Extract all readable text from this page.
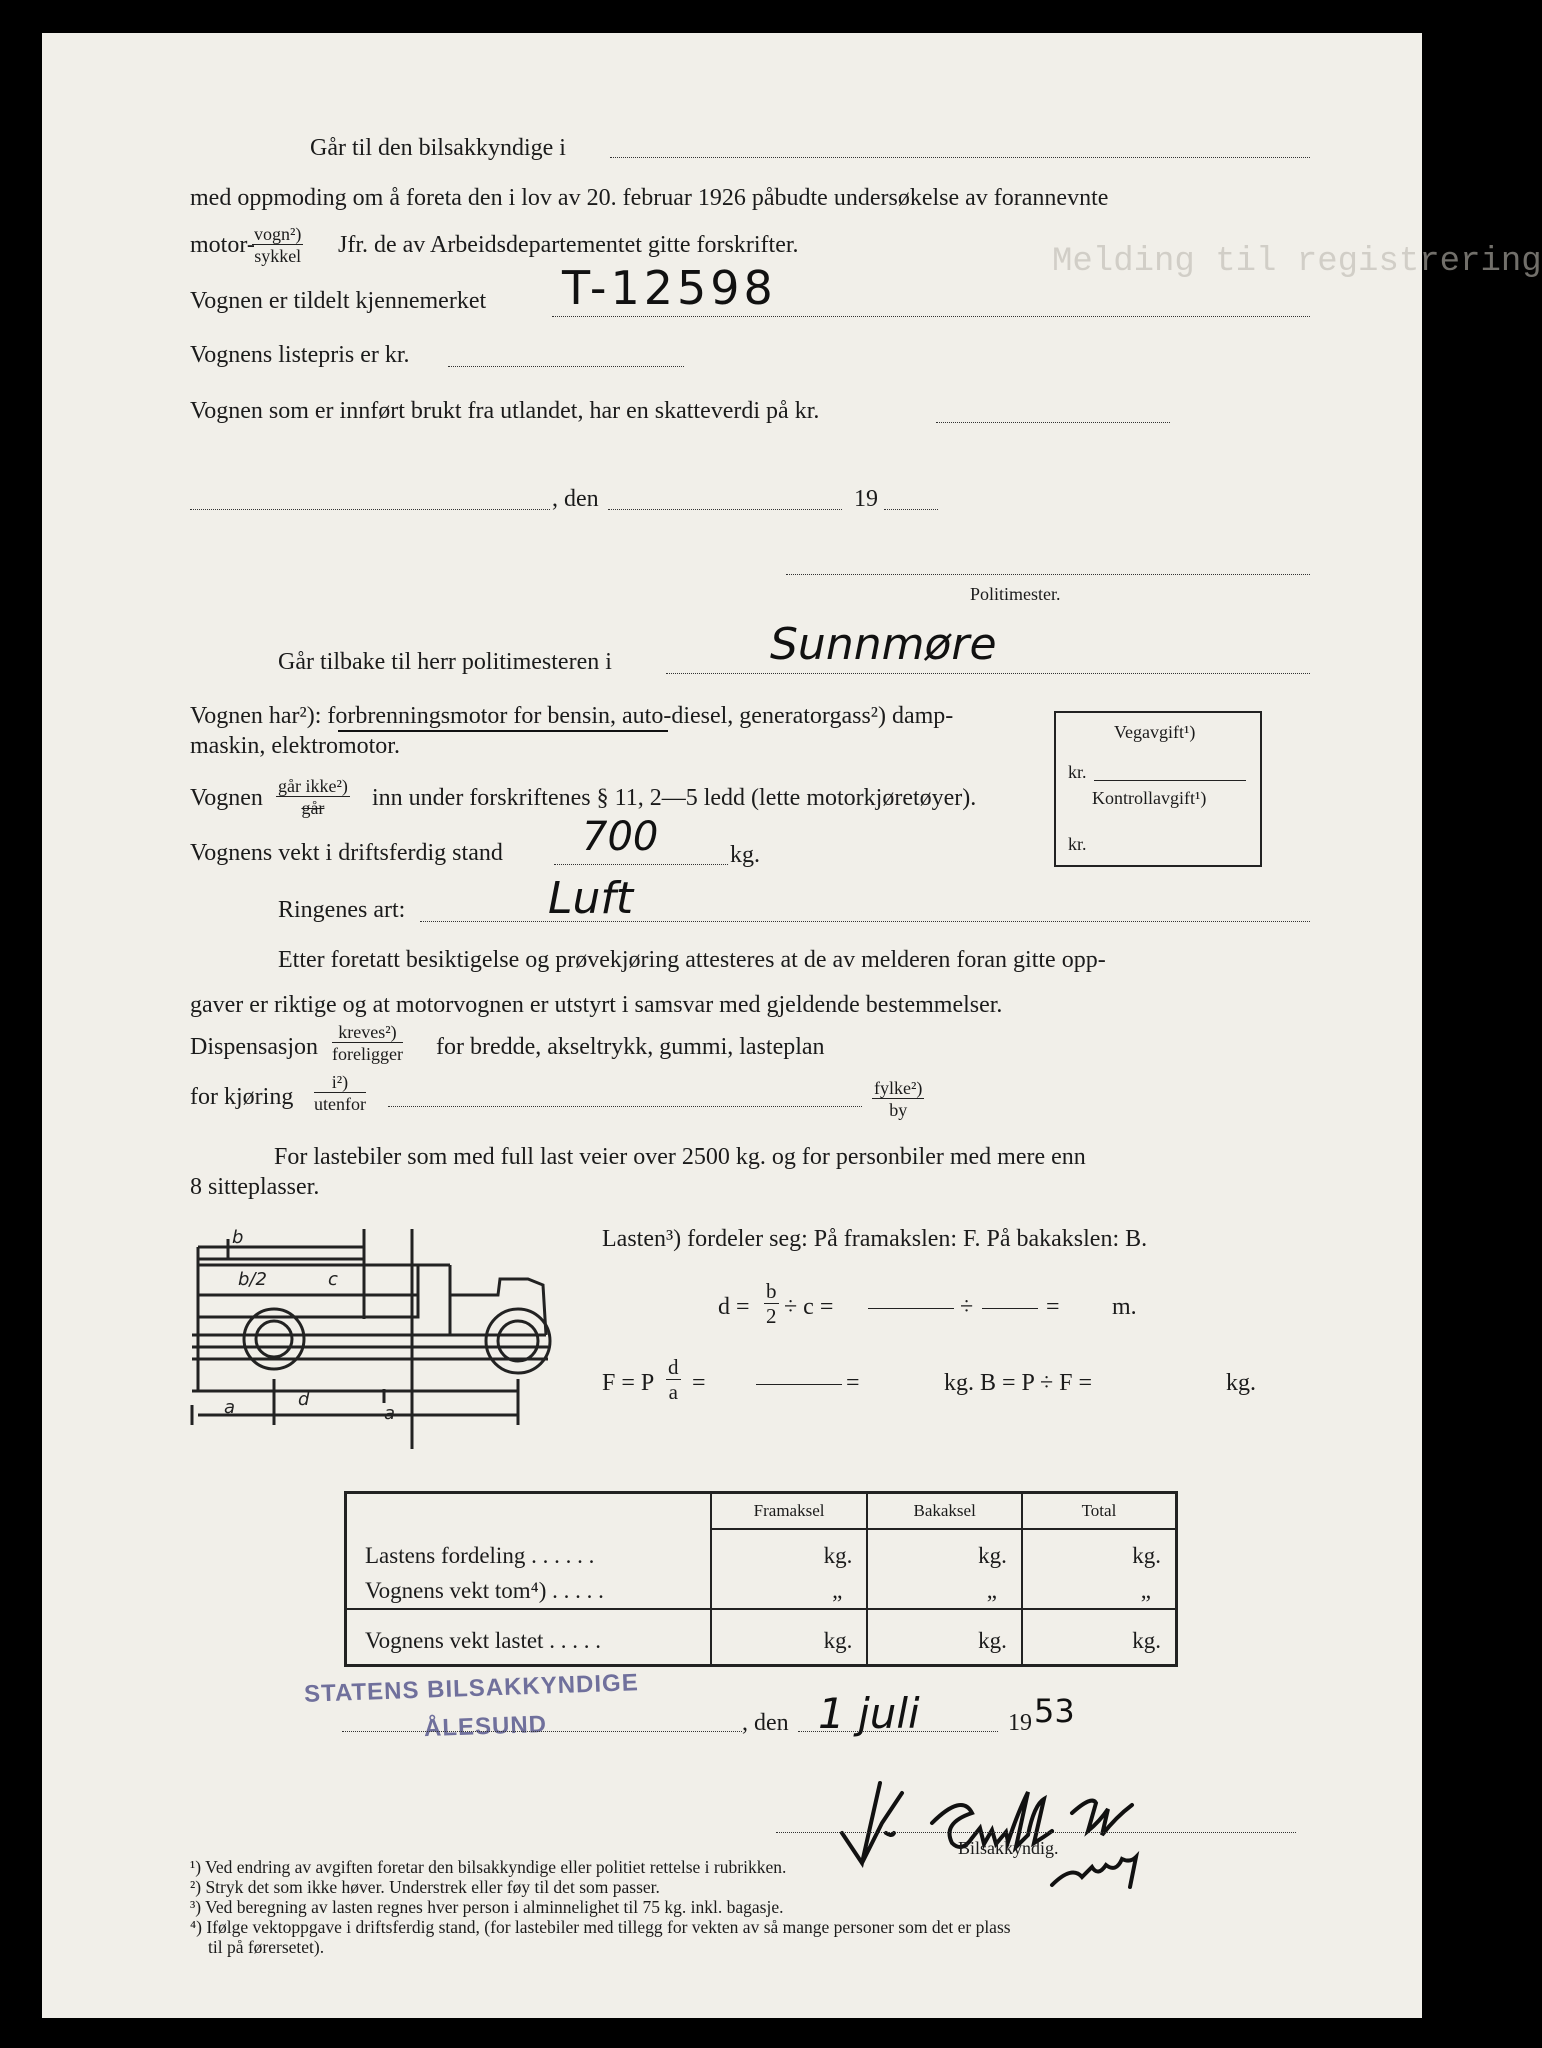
Melding til registrering
Går til den bilsakkyndige i
med oppmoding om å foreta den i lov av 20. februar 1926 påbudte undersøkelse av forannevnte
motor- vogn²)
sykkel Jfr. de av Arbeidsdepartementet gitte forskrifter.
Vognen er tildelt kjennemerket T-12598
Vognens listepris er kr.
Vognen som er innført brukt fra utlandet, har en skatteverdi på kr.
, den	19
Politimester.
Går tilbake til herr politimesteren i	Sunnmøre
Vognen har²): forbrenningsmotor for bensin, auto-diesel, generatorgass²) damp-
maskin, elektromotor.
Vognen går ikke²)
går	inn under forskriftenes § 11, 2—5 ledd (lette motorkjøretøyer).
Vognens vekt i driftsferdig stand 700	kg.
Ringenes art:	Luft
Vegavgift¹)
kr.
Kontrollavgift¹)
kr.
Etter foretatt besiktigelse og prøvekjøring attesteres at de av melderen foran gitte opp-
gaver er riktige og at motorvognen er utstyrt i samsvar med gjeldende bestemmelser.
Dispensasjon
kreves²)
foreligger for bredde, akseltrykk, gummi, lasteplan
for kjøring
i²)
utenfor
fylke²)
by
For lastebiler som med full last veier over 2500 kg. og for personbiler med mere enn
8 sitteplasser.
b
b/2	c
a	d
a
Lasten³) fordeler seg: På framakslen: F. På bakakslen: B.
$d = \frac{b}{2} \div c$ =	÷	= m.
F = P $\frac{d}{a}$ =	=	kg. B = P ÷ F =	kg.
	Framaksel	Bakaksel	Total
Lastens fordeling . . . . . .	kg.	kg.	kg.
Vognens vekt tom⁴) . . . . .	„	„	„
Vognens vekt lastet . . . . .	kg.	kg.	kg.
STATENS BILSAKKYNDIGE
ÅLESUND	, den 1 juli	19 53
Bilsakkyndig.
¹) Ved endring av avgiften foretar den bilsakkyndige eller politiet rettelse i rubrikken.
²) Stryk det som ikke høver. Understrek eller føy til det som passer.
³) Ved beregning av lasten regnes hver person i alminnelighet til 75 kg. inkl. bagasje.
⁴) Ifølge vektoppgave i driftsferdig stand, (for lastebiler med tillegg for vekten av så mange personer som det er plass
til på førersetet).
